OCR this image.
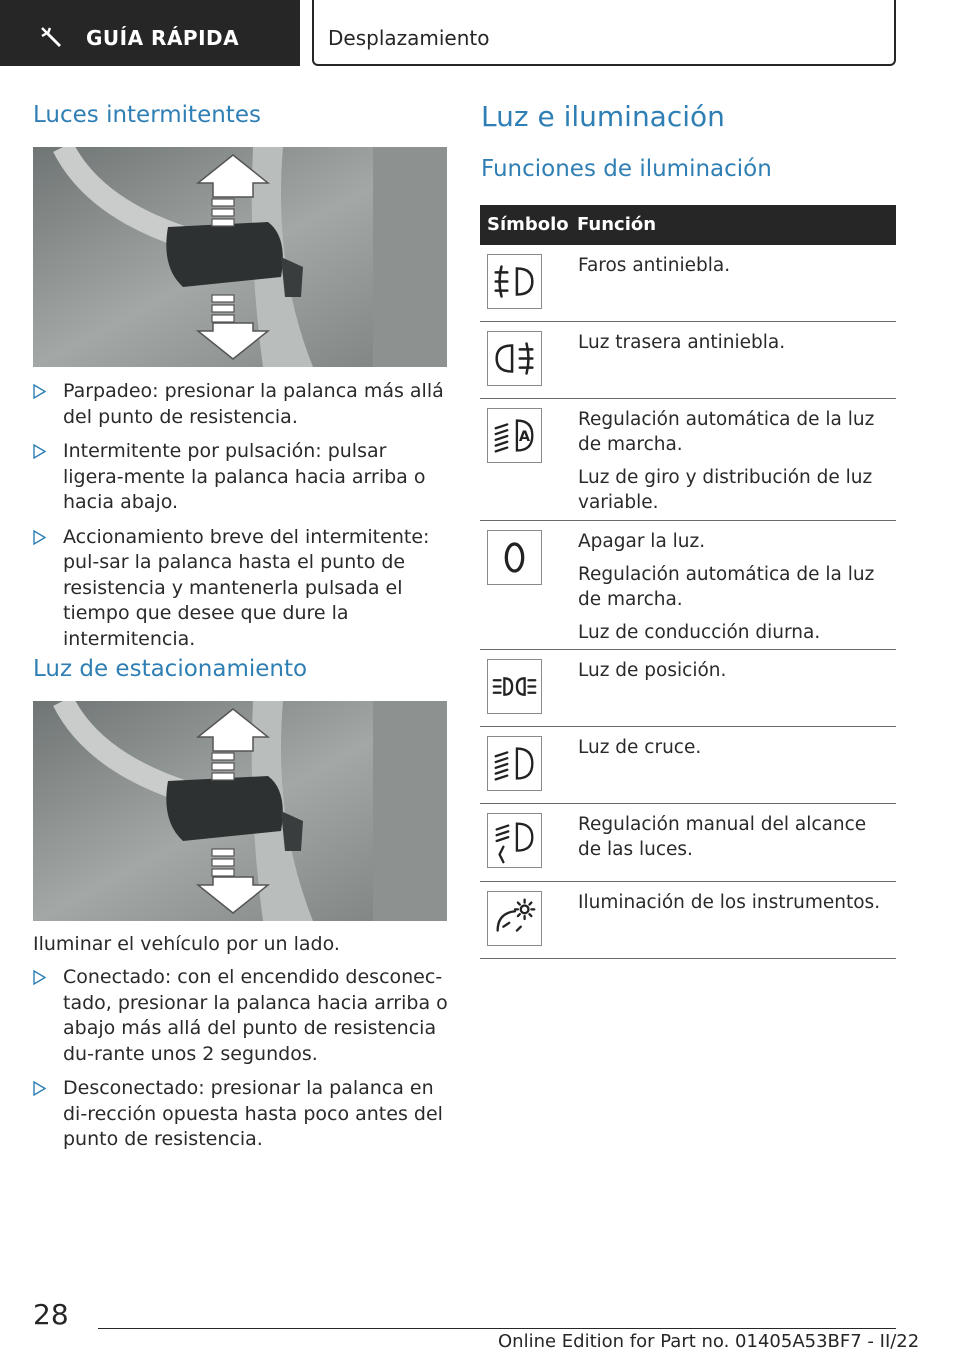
GUÍA RÁPIDA	Desplazamiento
Luces intermitentes
Parpadeo: presionar la palanca más allá del punto de resistencia.
Intermitente por pulsación: pulsar ligera-mente la palanca hacia arriba o hacia abajo.
Accionamiento breve del intermitente: pul-sar la palanca hasta el punto de resistencia y mantenerla pulsada el tiempo que desee que dure la intermitencia.
Luz de estacionamiento

Iluminar el vehículo por un lado.

Conectado: con el encendido desconec-tado, presionar la palanca hacia arriba o abajo más allá del punto de resistencia du-rante unos 2 segundos.
Desconectado: presionar la palanca en di-rección opuesta hasta poco antes del punto de resistencia.
Luz e iluminación
Funciones de iluminación
Símbolo Función

Faros antiniebla.

Luz trasera antiniebla.

A

Regulación automática de la luz de marcha.

Luz de giro y distribución de luz variable.

Apagar la luz.

Regulación automática de la luz de marcha.

Luz de conducción diurna.

Luz de posición.

Luz de cruce.

Regulación manual del alcance de las luces.

Iluminación de los instrumentos.

28
Online Edition for Part no. 01405A53BF7 - II/22
